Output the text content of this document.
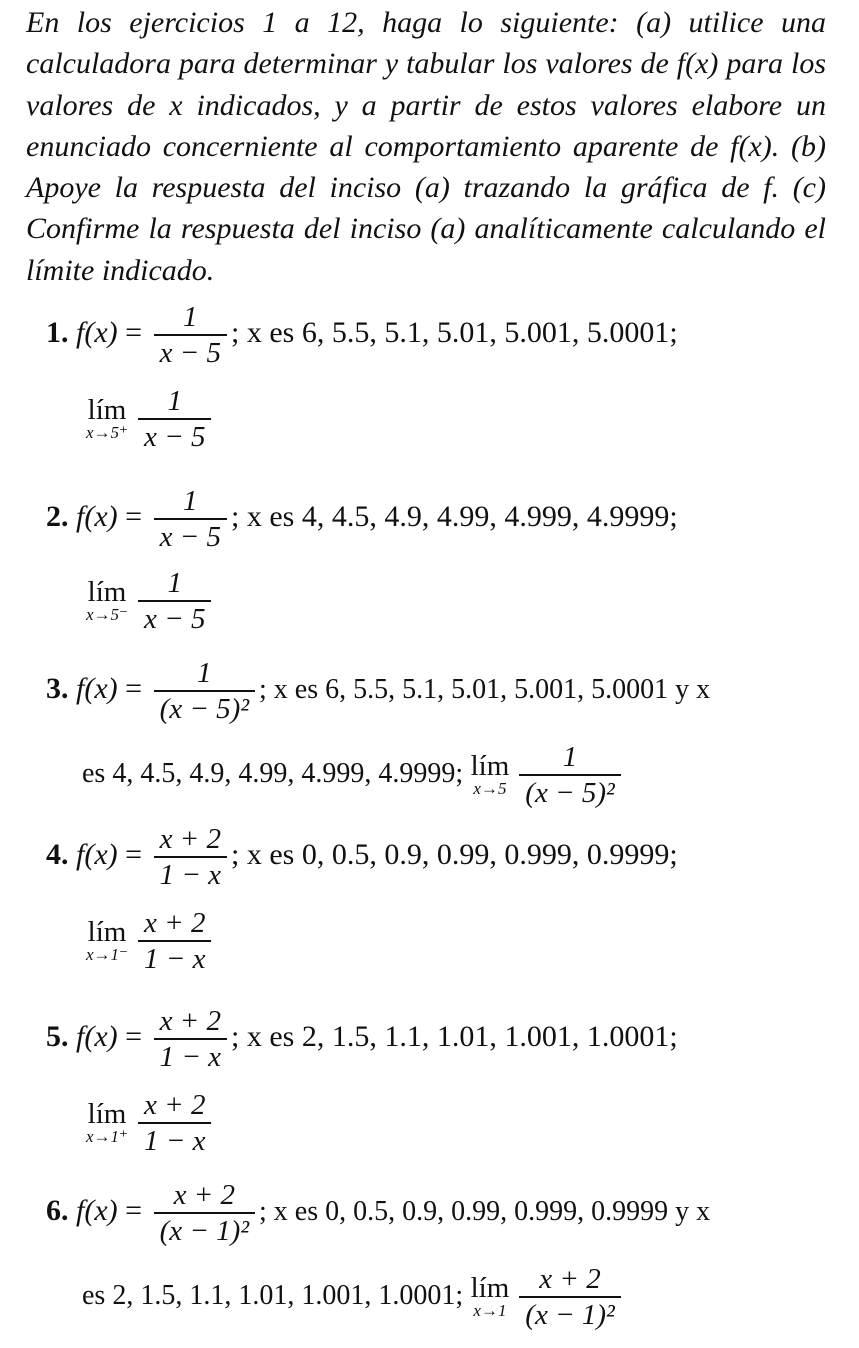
En los ejercicios 1 a 12, haga lo siguiente: (a) utilice una calculadora para determinar y tabular los valores de f(x) para los valores de x indicados, y a partir de estos valores elabore un enunciado concerniente al comportamiento aparente de f(x). (b) Apoye la respuesta del inciso (a) trazando la gráfica de f. (c) Confirme la respuesta del inciso (a) analíticamente calculando el límite indicado.
1. $f(x) = \frac{1}{x - 5}$ ; x es 6, 5.5, 5.1, 5.01, 5.001, 5.0001;
lím
$x\to 5^+ \frac{1}{x - 5}$
2. $f(x) = \frac{1}{x - 5}$ ; x es 4, 4.5, 4.9, 4.99, 4.999, 4.9999;
lím
$x\to 5^- \frac{1}{x - 5}$
3. $f(x) = \frac{1}{\text{(x − 5)²}}$ ; x es 6, 5.5, 5.1, 5.01, 5.001, 5.0001 y x
es 4, 4.5, 4.9, 4.99, 4.999, 4.9999; lím
$x\to 5 \frac{1}{\text{(x − 5)²}}$
4. $f(x) = \frac{x + 2}{1 - x}$ ; x es 0, 0.5, 0.9, 0.99, 0.999, 0.9999;
lím
$x\to 1^- \frac{x + 2}{1 - x}$
5. $f(x) = \frac{x + 2}{1 - x}$ ; x es 2, 1.5, 1.1, 1.01, 1.001, 1.0001;
lím
$x\to 1^+ \frac{x + 2}{1 - x}$
6. $f(x) = \frac{x + 2}{\text{(x − 1)²}}$ ; x es 0, 0.5, 0.9, 0.99, 0.999, 0.9999 y x
es 2, 1.5, 1.1, 1.01, 1.001, 1.0001; lím
$x\to 1 \frac{x + 2}{\text{(x − 1)²}}$
